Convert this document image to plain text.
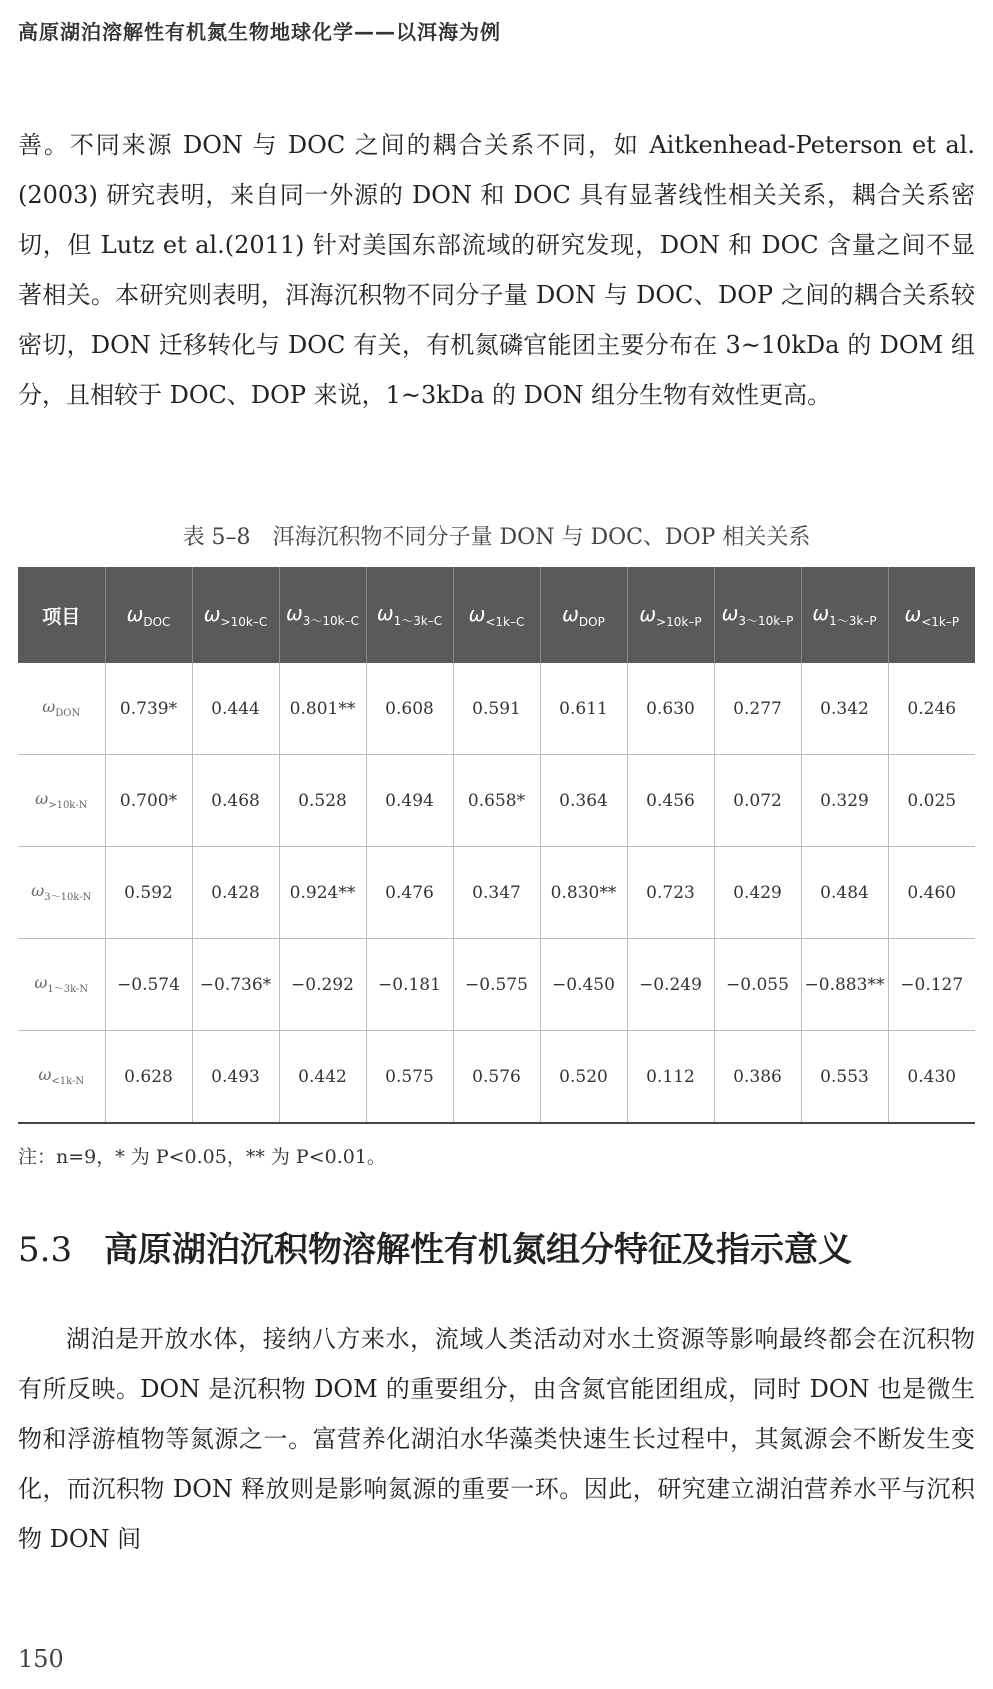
高原湖泊溶解性有机氮生物地球化学——以洱海为例

善。不同来源 DON 与 DOC 之间的耦合关系不同，如 Aitkenhead-Peterson et al. (2003) 研究表明，来自同一外源的 DON 和 DOC 具有显著线性相关关系，耦合关系密切，但 Lutz et al.(2011) 针对美国东部流域的研究发现，DON 和 DOC 含量之间不显著相关。本研究则表明，洱海沉积物不同分子量 DON 与 DOC、DOP 之间的耦合关系较密切，DON 迁移转化与 DOC 有关，有机氮磷官能团主要分布在 3~10kDa 的 DOM 组分，且相较于 DOC、DOP 来说，1~3kDa 的 DON 组分生物有效性更高。

表 5–8　洱海沉积物不同分子量 DON 与 DOC、DOP 相关关系
项目	$\omega_{DOC}$	$\omega_{>10k-C}$	$\omega_{3\sim 10k-C}$	$\omega_{1\sim 3k-C}$	$\omega_{<1k-C}$	$\omega_{DOP}$	$\omega_{>10k-P}$	$\omega_{3\sim 10k-P}$	$\omega_{1\sim 3k-P}$	$\omega_{<1k-P}$
$\omega_{DON}$	0.739*	0.444	0.801**	0.608	0.591	0.611	0.630	0.277	0.342	0.246
$\omega_{>10k-N}$	0.700*	0.468	0.528	0.494	0.658*	0.364	0.456	0.072	0.329	0.025
$\omega_{3\sim 10k-N}$	0.592	0.428	0.924**	0.476	0.347	0.830**	0.723	0.429	0.484	0.460
$\omega_{1\sim 3k-N}$	−0.574	−0.736*	−0.292	−0.181	−0.575	−0.450	−0.249	−0.055	−0.883**	−0.127
$\omega_{<1k-N}$	0.628	0.493	0.442	0.575	0.576	0.520	0.112	0.386	0.553	0.430
注：n=9，* 为 P<0.05，** 为 P<0.01。
5.3 高原湖泊沉积物溶解性有机氮组分特征及指示意义

湖泊是开放水体，接纳八方来水，流域人类活动对水土资源等影响最终都会在沉积物有所反映。DON 是沉积物 DOM 的重要组分，由含氮官能团组成，同时 DON 也是微生物和浮游植物等氮源之一。富营养化湖泊水华藻类快速生长过程中，其氮源会不断发生变化，而沉积物 DON 释放则是影响氮源的重要一环。因此，研究建立湖泊营养水平与沉积物 DON 间

150
